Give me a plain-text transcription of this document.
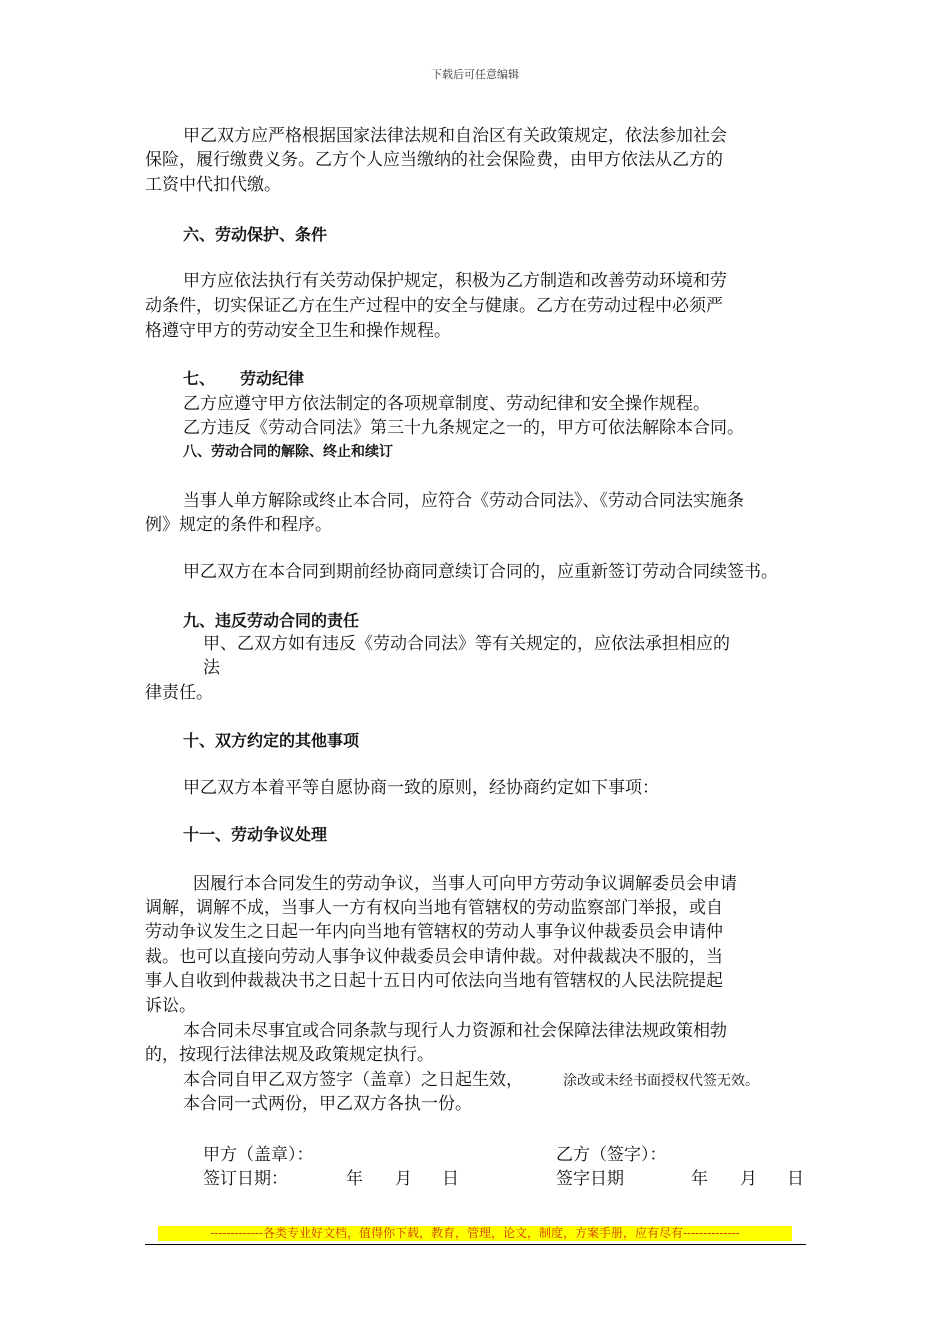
下载后可任意编辑
甲乙双方应严格根据国家法律法规和自治区有关政策规定，依法参加社会
保险，履行缴费义务。乙方个人应当缴纳的社会保险费，由甲方依法从乙方的
工资中代扣代缴。
六、劳动保护、条件
甲方应依法执行有关劳动保护规定，积极为乙方制造和改善劳动环境和劳
动条件，切实保证乙方在生产过程中的安全与健康。乙方在劳动过程中必须严
格遵守甲方的劳动安全卫生和操作规程。
七、 劳动纪律
乙方应遵守甲方依法制定的各项规章制度、劳动纪律和安全操作规程。
乙方违反《劳动合同法》第三十九条规定之一的，甲方可依法解除本合同。
八、劳动合同的解除、终止和续订
当事人单方解除或终止本合同，应符合《劳动合同法》、《劳动合同法实施条
例》规定的条件和程序。
甲乙双方在本合同到期前经协商同意续订合同的，应重新签订劳动合同续签书。
九、违反劳动合同的责任
甲、乙双方如有违反《劳动合同法》等有关规定的，应依法承担相应的
法
律责任。
十、双方约定的其他事项
甲乙双方本着平等自愿协商一致的原则，经协商约定如下事项：
十一、劳动争议处理
因履行本合同发生的劳动争议，当事人可向甲方劳动争议调解委员会申请
调解，调解不成，当事人一方有权向当地有管辖权的劳动监察部门举报，或自
劳动争议发生之日起一年内向当地有管辖权的劳动人事争议仲裁委员会申请仲
裁。也可以直接向劳动人事争议仲裁委员会申请仲裁。对仲裁裁决不服的，当
事人自收到仲裁裁决书之日起十五日内可依法向当地有管辖权的人民法院提起
诉讼。
本合同未尽事宜或合同条款与现行人力资源和社会保障法律法规政策相勃
的，按现行法律法规及政策规定执行。
本合同自甲乙双方签字（盖章）之日起生效，	涂改或未经书面授权代签无效。
本合同一式两份，甲乙双方各执一份。
甲方（盖章）：	乙方（签字）：
签订日期：	年 月 日	签字日期	年 月 日
-------------各类专业好文档，值得你下载，教育，管理，论文，制度，方案手册，应有尽有--------------
